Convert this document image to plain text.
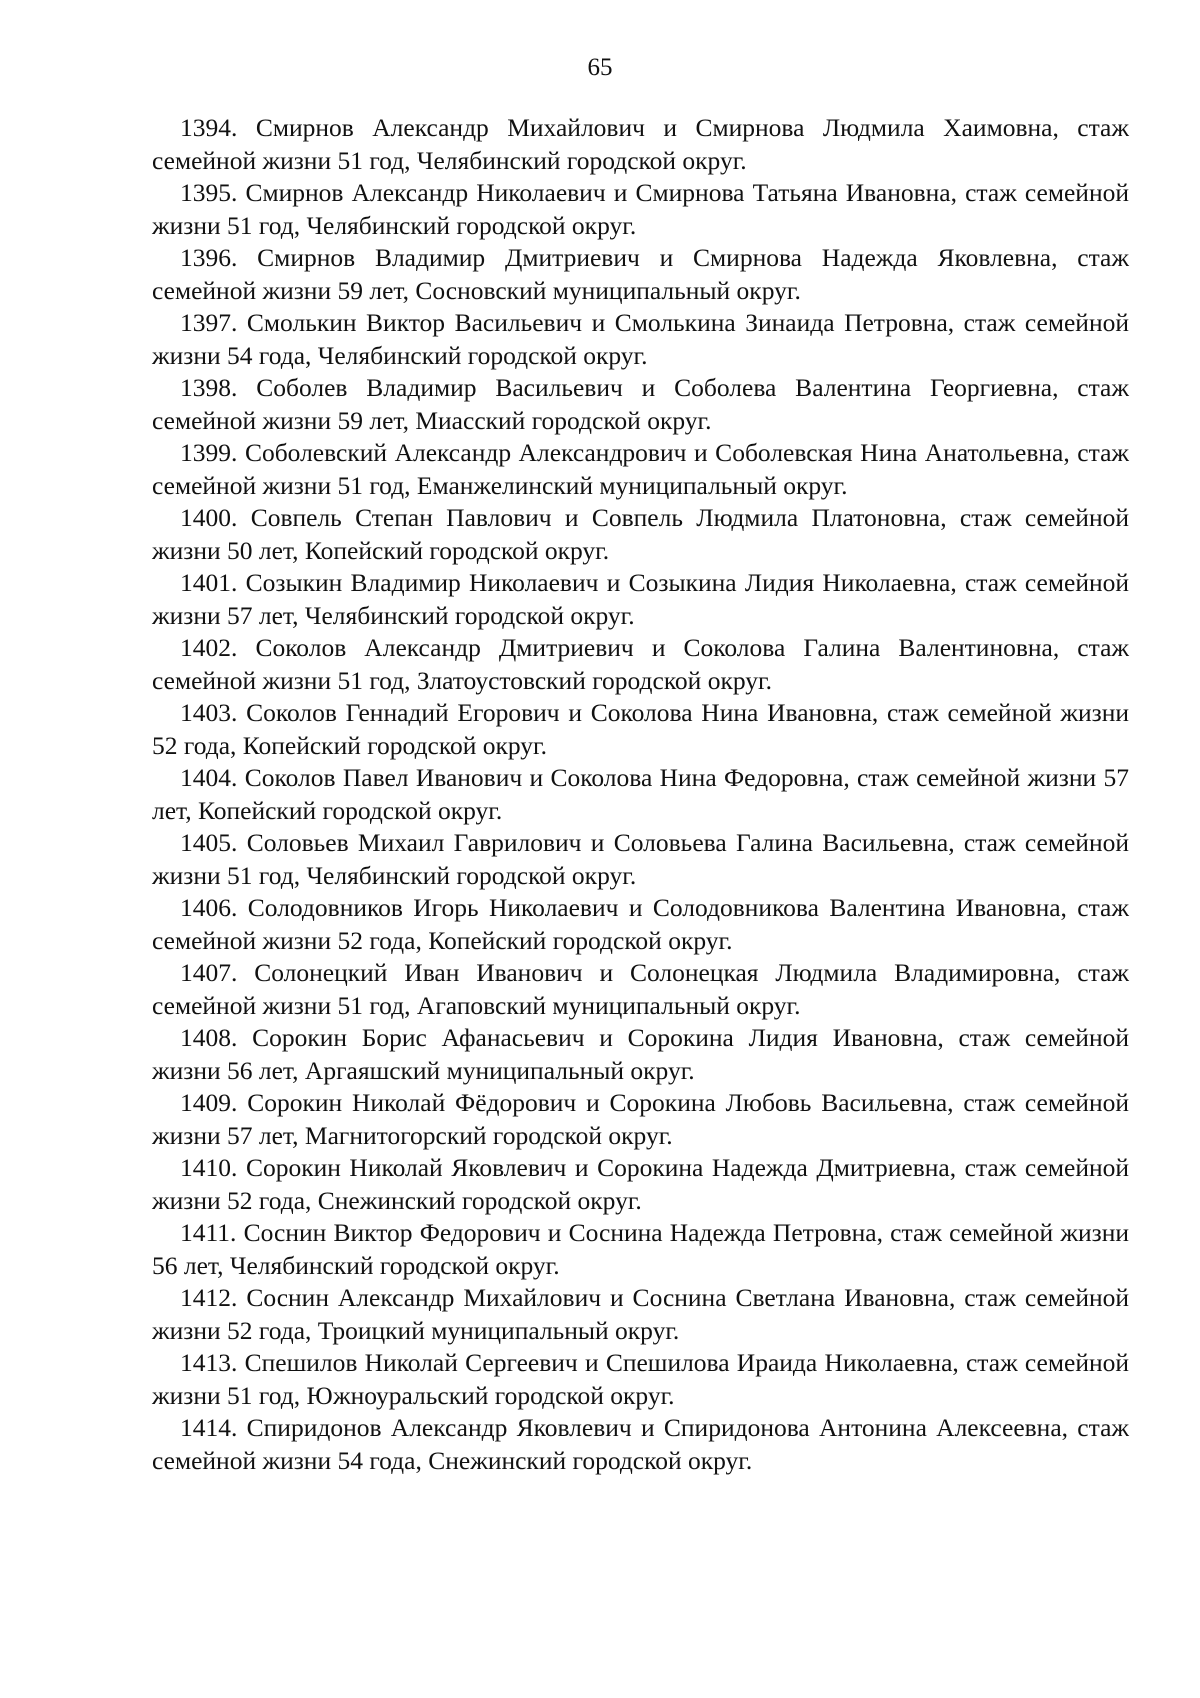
65

1394. Смирнов Александр Михайлович и Смирнова Людмила Хаимовна, стаж семейной жизни 51 год, Челябинский городской округ.

1395. Смирнов Александр Николаевич и Смирнова Татьяна Ивановна, стаж семейной жизни 51 год, Челябинский городской округ.

1396. Смирнов Владимир Дмитриевич и Смирнова Надежда Яковлевна, стаж семейной жизни 59 лет, Сосновский муниципальный округ.

1397. Смолькин Виктор Васильевич и Смолькина Зинаида Петровна, стаж семейной жизни 54 года, Челябинский городской округ.

1398. Соболев Владимир Васильевич и Соболева Валентина Георгиевна, стаж семейной жизни 59 лет, Миасский городской округ.

1399. Соболевский Александр Александрович и Соболевская Нина Анатольевна, стаж семейной жизни 51 год, Еманжелинский муниципальный округ.

1400. Совпель Степан Павлович и Совпель Людмила Платоновна, стаж семейной жизни 50 лет, Копейский городской округ.

1401. Созыкин Владимир Николаевич и Созыкина Лидия Николаевна, стаж семейной жизни 57 лет, Челябинский городской округ.

1402. Соколов Александр Дмитриевич и Соколова Галина Валентиновна, стаж семейной жизни 51 год, Златоустовский городской округ.

1403. Соколов Геннадий Егорович и Соколова Нина Ивановна, стаж семейной жизни 52 года, Копейский городской округ.

1404. Соколов Павел Иванович и Соколова Нина Федоровна, стаж семейной жизни 57 лет, Копейский городской округ.

1405. Соловьев Михаил Гаврилович и Соловьева Галина Васильевна, стаж семейной жизни 51 год, Челябинский городской округ.

1406. Солодовников Игорь Николаевич и Солодовникова Валентина Ивановна, стаж семейной жизни 52 года, Копейский городской округ.

1407. Солонецкий Иван Иванович и Солонецкая Людмила Владимировна, стаж семейной жизни 51 год, Агаповский муниципальный округ.

1408. Сорокин Борис Афанасьевич и Сорокина Лидия Ивановна, стаж семейной жизни 56 лет, Аргаяшский муниципальный округ.

1409. Сорокин Николай Фёдорович и Сорокина Любовь Васильевна, стаж семейной жизни 57 лет, Магнитогорский городской округ.

1410. Сорокин Николай Яковлевич и Сорокина Надежда Дмитриевна, стаж семейной жизни 52 года, Снежинский городской округ.

1411. Соснин Виктор Федорович и Соснина Надежда Петровна, стаж семейной жизни 56 лет, Челябинский городской округ.

1412. Соснин Александр Михайлович и Соснина Светлана Ивановна, стаж семейной жизни 52 года, Троицкий муниципальный округ.

1413. Спешилов Николай Сергеевич и Спешилова Ираида Николаевна, стаж семейной жизни 51 год, Южноуральский городской округ.

1414. Спиридонов Александр Яковлевич и Спиридонова Антонина Алексеевна, стаж семейной жизни 54 года, Снежинский городской округ.
